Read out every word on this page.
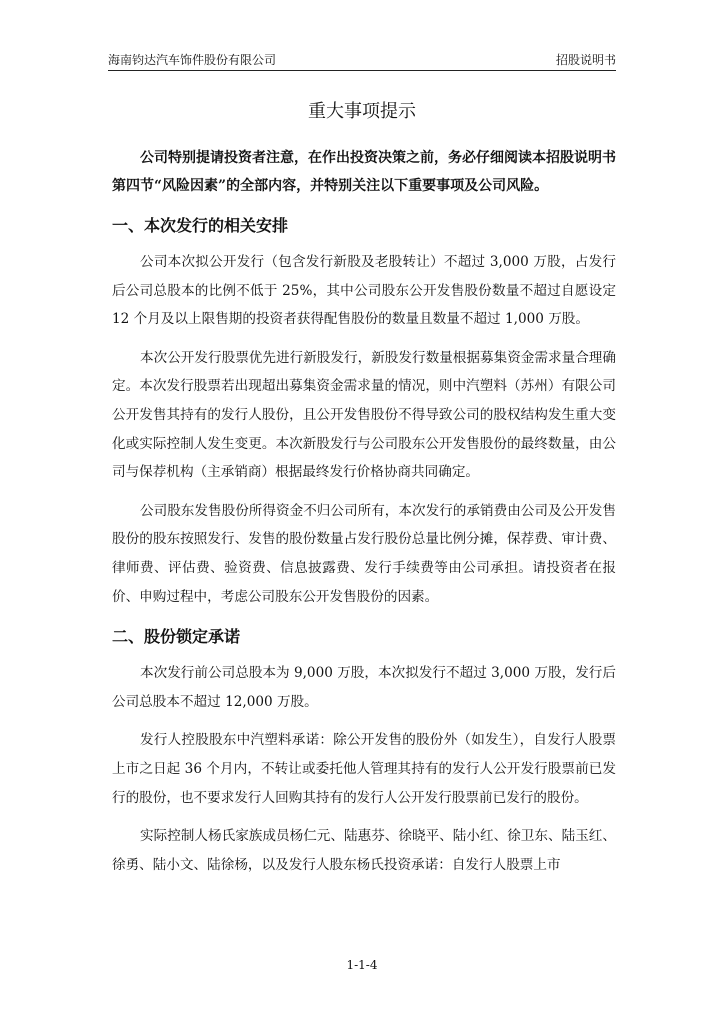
海南钧达汽车饰件股份有限公司	招股说明书
重大事项提示

公司特别提请投资者注意，在作出投资决策之前，务必仔细阅读本招股说明书第四节“风险因素”的全部内容，并特别关注以下重要事项及公司风险。

一、本次发行的相关安排

公司本次拟公开发行（包含发行新股及老股转让）不超过 3,000 万股，占发行后公司总股本的比例不低于 25%，其中公司股东公开发售股份数量不超过自愿设定 12 个月及以上限售期的投资者获得配售股份的数量且数量不超过 1,000 万股。

本次公开发行股票优先进行新股发行，新股发行数量根据募集资金需求量合理确定。本次发行股票若出现超出募集资金需求量的情况，则中汽塑料（苏州）有限公司公开发售其持有的发行人股份，且公开发售股份不得导致公司的股权结构发生重大变化或实际控制人发生变更。本次新股发行与公司股东公开发售股份的最终数量，由公司与保荐机构（主承销商）根据最终发行价格协商共同确定。

公司股东发售股份所得资金不归公司所有，本次发行的承销费由公司及公开发售股份的股东按照发行、发售的股份数量占发行股份总量比例分摊，保荐费、审计费、律师费、评估费、验资费、信息披露费、发行手续费等由公司承担。请投资者在报价、申购过程中，考虑公司股东公开发售股份的因素。

二、股份锁定承诺

本次发行前公司总股本为 9,000 万股，本次拟发行不超过 3,000 万股，发行后公司总股本不超过 12,000 万股。

发行人控股股东中汽塑料承诺：除公开发售的股份外（如发生），自发行人股票上市之日起 36 个月内，不转让或委托他人管理其持有的发行人公开发行股票前已发行的股份，也不要求发行人回购其持有的发行人公开发行股票前已发行的股份。

实际控制人杨氏家族成员杨仁元、陆惠芬、徐晓平、陆小红、徐卫东、陆玉红、徐勇、陆小文、陆徐杨，以及发行人股东杨氏投资承诺：自发行人股票上市

1-1-4
